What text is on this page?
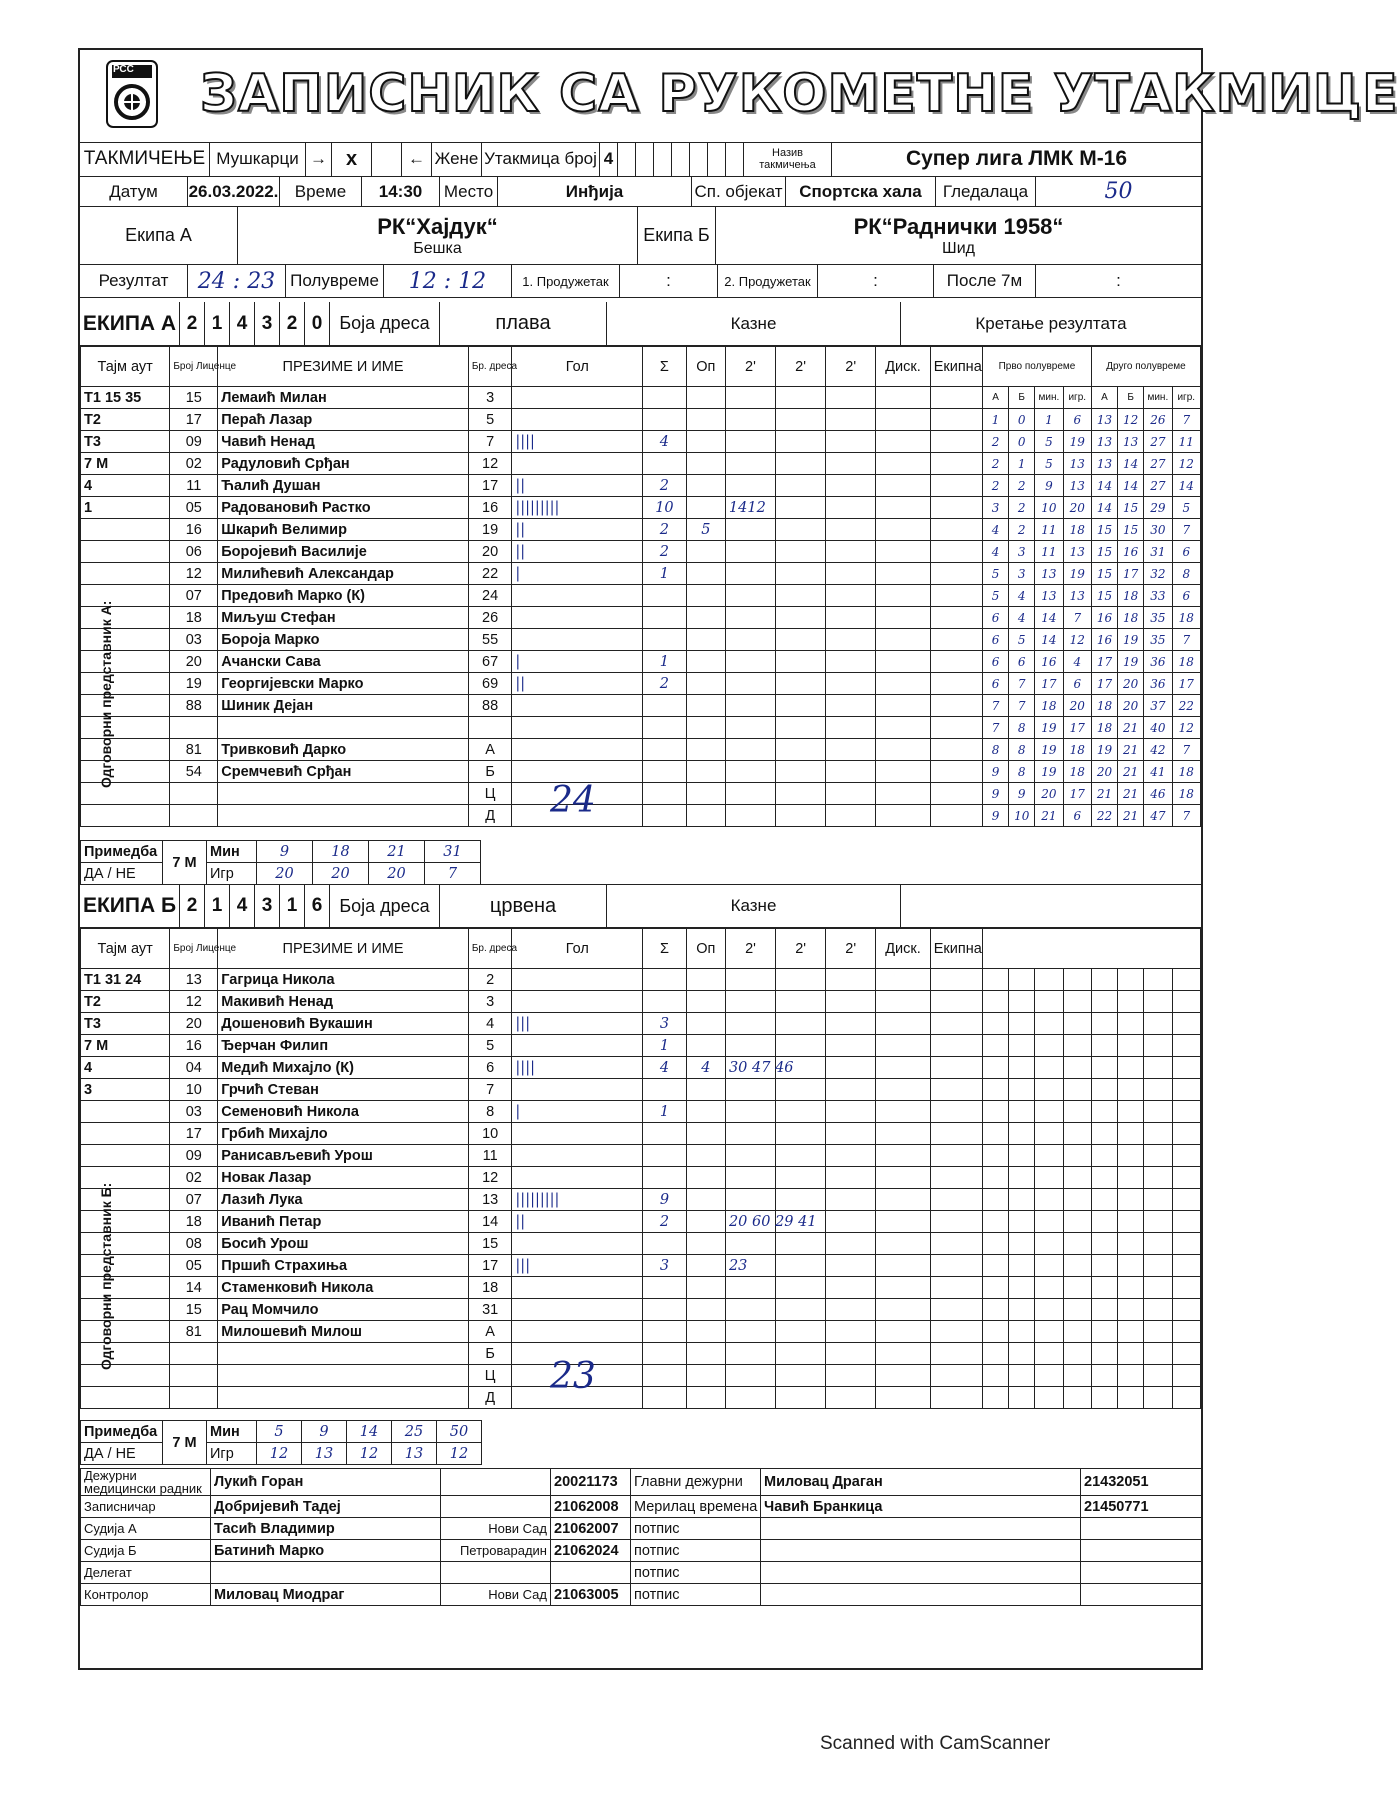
РСС ЗАПИСНИК СА РУКОМЕТНЕ УТАКМИЦЕ
ТАКМИЧЕЊЕ Мушкарци → x	← Жене Утакмица број 4	Назив такмичења	Супер лига ЛМК М-16
Датум	26.03.2022. Време	14:30	Место	Инђија	Сп. објекат Спортска хала	Гледалаца	50
Екипа А	РК“Хајдук“
Бешка
Екипа Б	РК“Раднички 1958“
Шид
Резултат	24 : 23 Полувреме	12 : 12	1. Продужетак	:	2. Продужетак	:	После 7м	:
ЕКИПА А 2 1 4 3 2 0 Боја дреса	плава	Казне	Кретање резултата
Тајм аут	Број Лиценце	ПРЕЗИМЕ И ИМЕ	Бр. дреса	Гол	Σ	Оп	2'	2'	2'	Диск.	Екипна	Прво полувреме				Друго полувреме			
Т1 15 35	15	Лемаић Милан	3									А	Б	мин.	игр.	А	Б	мин.	игр.
Т2	17	Пераћ Лазар	5									1	0	1	6	13	12	26	7
Т3	09	Чавић Ненад	7	||||	4							2	0	5	19	13	13	27	11
7 М	02	Радуловић Срђан	12									2	1	5	13	13	14	27	12
4	11	Ћалић Душан	17	||	2							2	2	9	13	14	14	27	14
1	05	Радовановић Растко	16	|||||||||	10		1412					3	2	10	20	14	15	29	5
	16	Шкарић Велимир	19	||	2	5						4	2	11	18	15	15	30	7
	06	Борojевић Василије	20	||	2							4	3	11	13	15	16	31	6
	12	Милићевић Александар	22	|	1							5	3	13	19	15	17	32	8
	07	Предовић Марко (К)	24									5	4	13	13	15	18	33	6
	18	Миљуш Стефан	26									6	4	14	7	16	18	35	18
	03	Бороја Марко	55									6	5	14	12	16	19	35	7
	20	Ачански Сава	67	|	1							6	6	16	4	17	19	36	18
	19	Георгијевски Марко	69	||	2							6	7	17	6	17	20	36	17
	88	Шиник Дејан	88									7	7	18	20	18	20	37	22
												7	8	19	17	18	21	40	12
	81	Тривковић Дарко	А									8	8	19	18	19	21	42	7
	54	Сремчевић Срђан	Б									9	8	19	18	20	21	41	18
			Ц									9	9	20	17	21	21	46	18
			Д									9	10	21	6	22	21	47	7
Одговорни представник А:
Примедба	7 М	Мин	9	18	21	31
ДА / НЕ		Игр	20	20	20	7
ЕКИПА Б 2 1 4 3 1 6 Боја дреса	црвена	Казне
Тајм аут	Број Лиценце	ПРЕЗИМЕ И ИМЕ	Бр. дреса	Гол	Σ	Оп	2'	2'	2'	Диск.	Екипна								
Т1 31 24	13	Гагрица Никола	2																
Т2	12	Макивић Ненад	3																
Т3	20	Дошеновић Вукашин	4	|||	3														
7 М	16	Ђерчан Филип	5		1														
4	04	Медић Михајло (К)	6	||||	4	4	30 47 46												
3	10	Грчић Стеван	7																
	03	Семеновић Никола	8	|	1														
	17	Грбић Михајло	10																
	09	Ранисављевић Урош	11																
	02	Новак Лазар	12																
	07	Лазић Лука	13	|||||||||	9														
	18	Иванић Петар	14	||	2		20 60 29 41												
	08	Босић Урош	15																
	05	Пршић Страхиња	17	|||	3		23												
	14	Стаменковић Никола	18																
	15	Рац Момчило	31																
	81	Милошевић Милош	А																
			Б																
			Ц																
			Д																
Одговорни представник Б:
Примедба	7 М	Мин	5	9	14	25	50
ДА / НЕ		Игр	12	13	12	13	12
Дежурни медицински радник	Лукић Горан		20021173	Главни дежурни	Миловац Драган	21432051
Записничар	Добријевић Тадеј		21062008	Мерилац времена	Чавић Бранкица	21450771
Судија А	Тасић Владимир	Нови Сад	21062007	потпис		
Судија Б	Батинић Марко	Петроварадин	21062024	потпис		
Делегат				потпис		
Контролор	Миловац Миодраг	Нови Сад	21063005	потпис		
24
23
Scanned with CamScanner
